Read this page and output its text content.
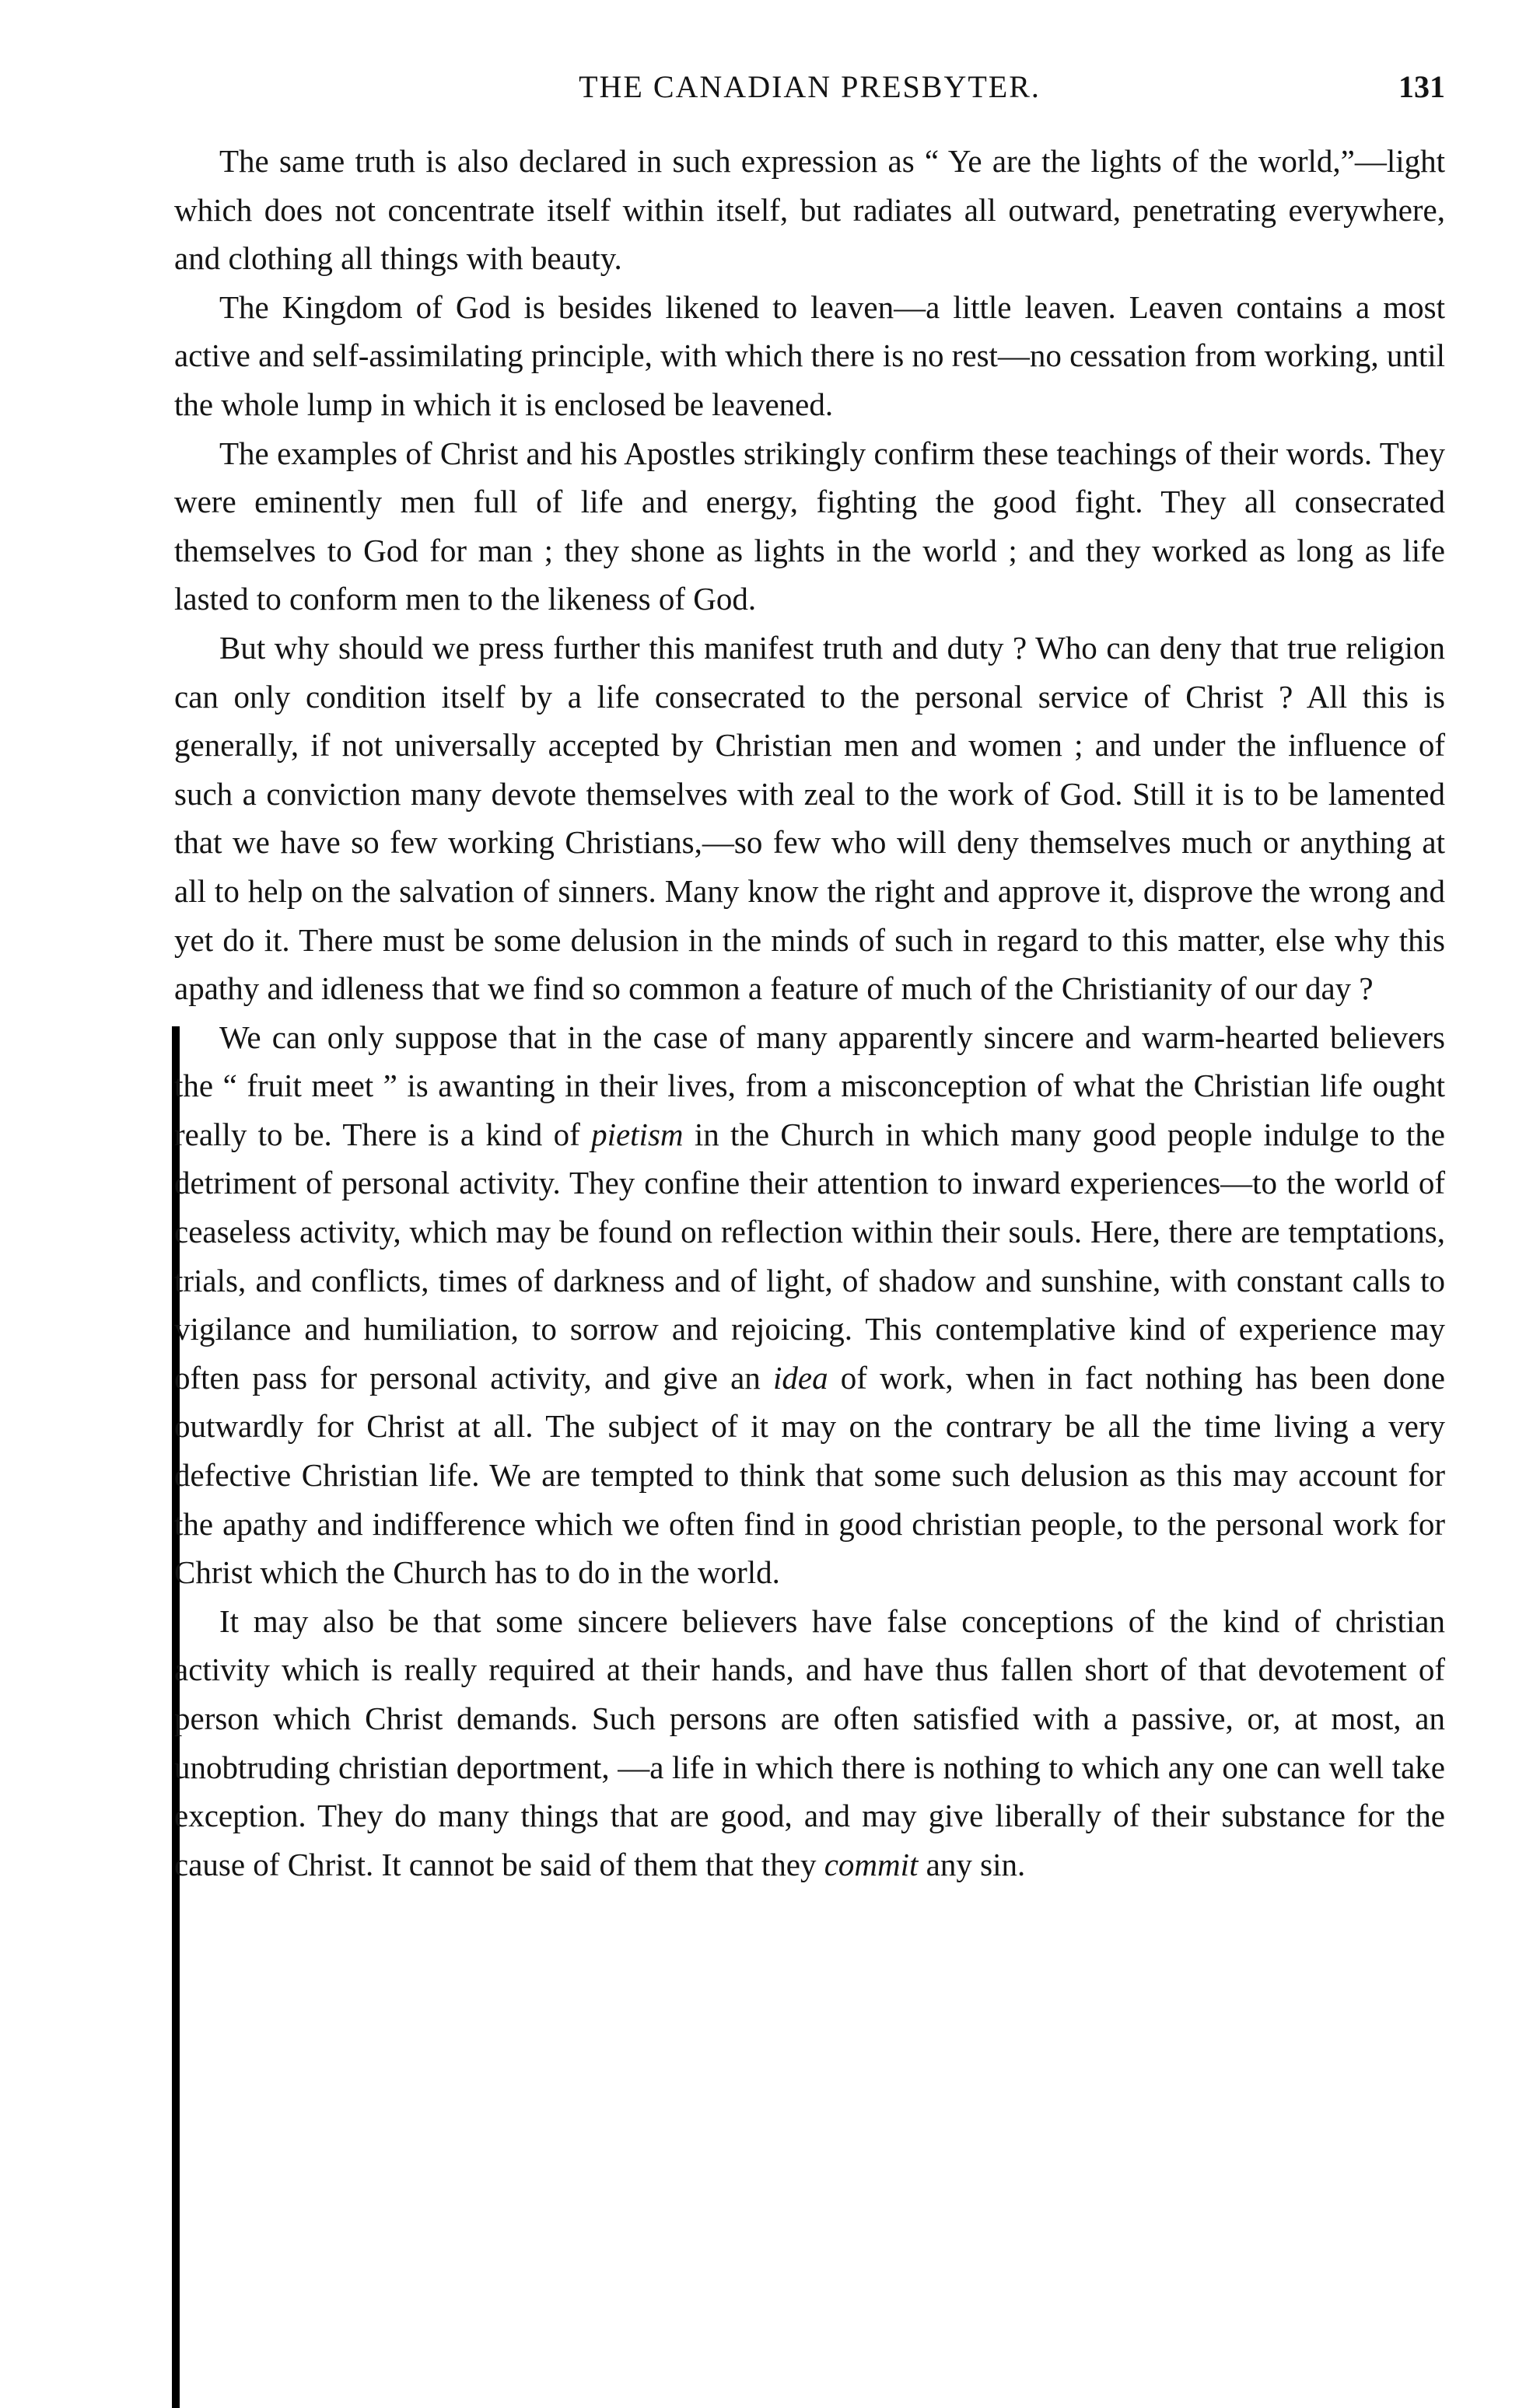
THE CANADIAN PRESBYTER.	131

The same truth is also declared in such expression as “ Ye are the lights of the world,”—light which does not concentrate itself within itself, but radiates all outward, penetrating everywhere, and clothing all things with beauty.

The Kingdom of God is besides likened to leaven—a little leaven. Leaven contains a most active and self-assimilating principle, with which there is no rest—no cessation from working, until the whole lump in which it is enclosed be leavened.

The examples of Christ and his Apostles strikingly confirm these teachings of their words. They were eminently men full of life and energy, fighting the good fight. They all consecrated themselves to God for man ; they shone as lights in the world ; and they worked as long as life lasted to conform men to the likeness of God.

But why should we press further this manifest truth and duty ? Who can deny that true religion can only condition itself by a life consecrated to the personal service of Christ ? All this is generally, if not universally accepted by Christian men and women ; and under the influence of such a conviction many devote themselves with zeal to the work of God. Still it is to be lamented that we have so few working Christians,—so few who will deny themselves much or anything at all to help on the salvation of sinners. Many know the right and approve it, disprove the wrong and yet do it. There must be some delusion in the minds of such in regard to this matter, else why this apathy and idleness that we find so common a feature of much of the Christianity of our day ?

We can only suppose that in the case of many apparently sincere and warm-hearted believers the “ fruit meet ” is awanting in their lives, from a misconception of what the Christian life ought really to be. There is a kind of pietism in the Church in which many good people indulge to the detriment of personal activity. They confine their attention to inward experiences—to the world of ceaseless activity, which may be found on reflection within their souls. Here, there are temptations, trials, and conflicts, times of darkness and of light, of shadow and sunshine, with constant calls to vigilance and humiliation, to sorrow and rejoicing. This contemplative kind of experience may often pass for personal activity, and give an idea of work, when in fact nothing has been done outwardly for Christ at all. The subject of it may on the contrary be all the time living a very defective Christian life. We are tempted to think that some such delusion as this may account for the apathy and indifference which we often find in good christian people, to the personal work for Christ which the Church has to do in the world.

It may also be that some sincere believers have false conceptions of the kind of christian activity which is really required at their hands, and have thus fallen short of that devotement of person which Christ demands. Such persons are often satisfied with a passive, or, at most, an unobtruding christian deportment, —a life in which there is nothing to which any one can well take exception. They do many things that are good, and may give liberally of their substance for the cause of Christ. It cannot be said of them that they commit any sin.
